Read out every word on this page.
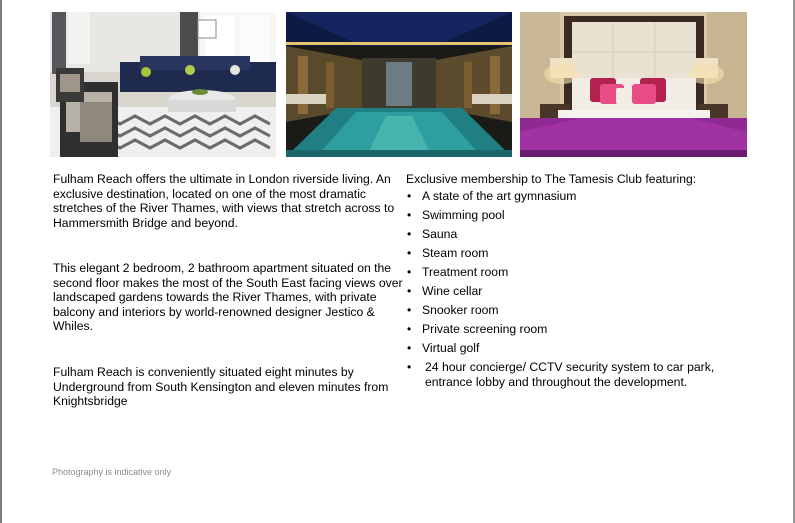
Fulham Reach offers the ultimate in London riverside living. An exclusive destination, located on one of the most dramatic stretches of the River Thames, with views that stretch across to Hammersmith Bridge and beyond.

This elegant 2 bedroom, 2 bathroom apartment situated on the second floor makes the most of the South East facing views over landscaped gardens towards the River Thames, with private balcony and interiors by world-renowned designer Jestico & Whiles.

Fulham Reach is conveniently situated eight minutes by Underground from South Kensington and eleven minutes from Knightsbridge

Exclusive membership to The Tamesis Club featuring:

• A state of the art gymnasium
• Swimming pool
• Sauna
• Steam room
• Treatment room
• Wine cellar
• Snooker room
• Private screening room
• Virtual golf
• 24 hour concierge/ CCTV security system to car park, entrance lobby and throughout the development.

Photography is indicative only
